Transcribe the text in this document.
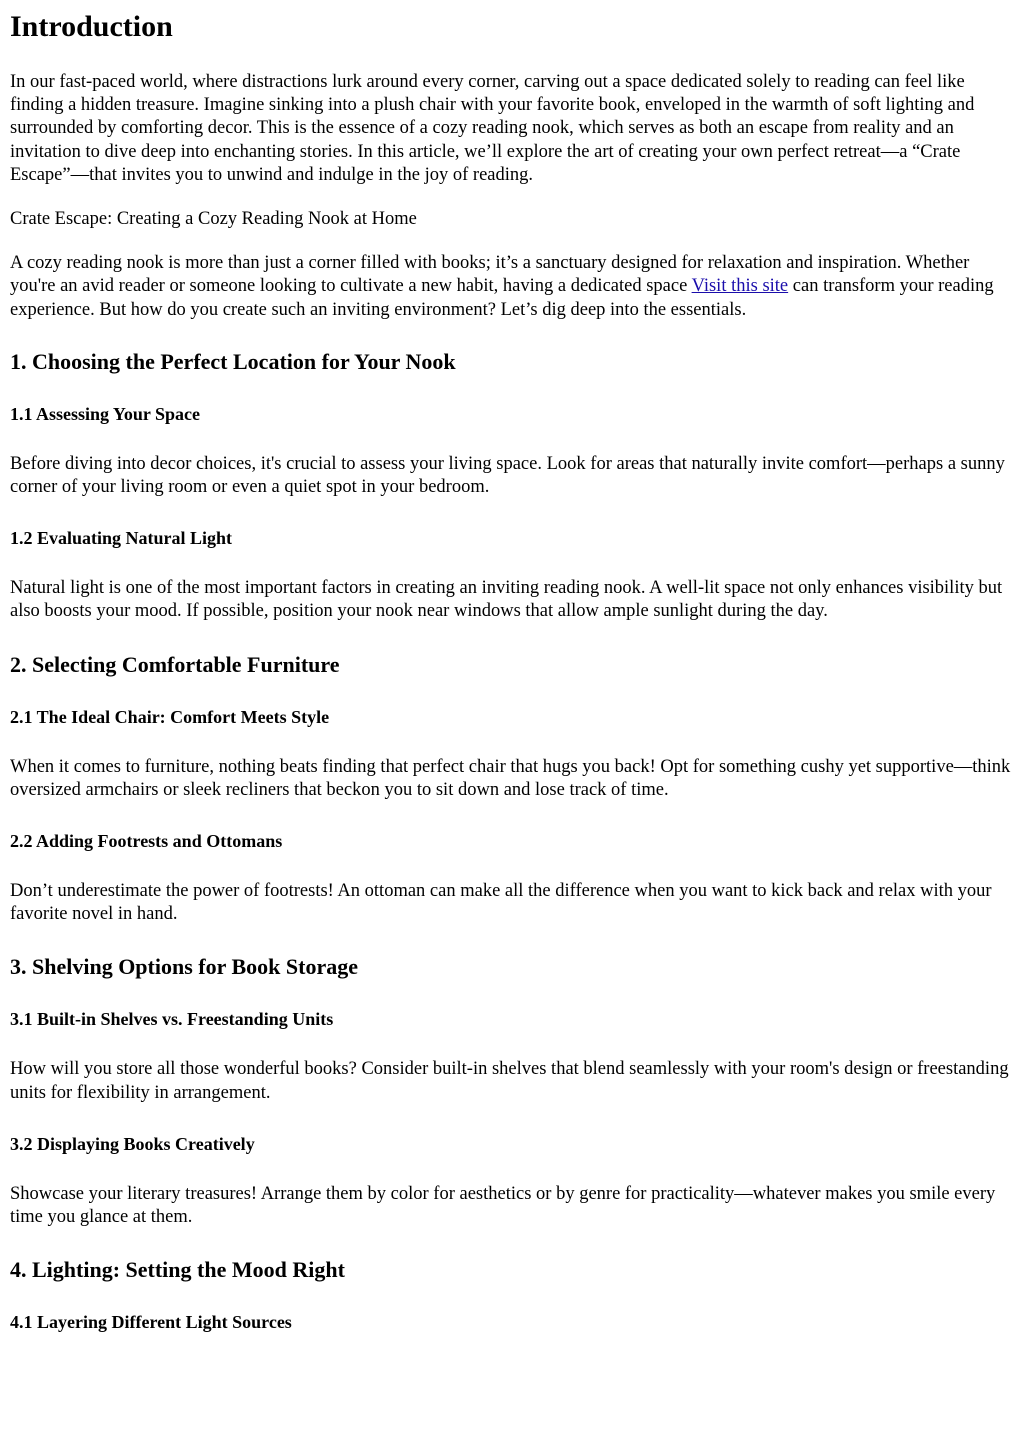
Introduction

In our fast-paced world, where distractions lurk around every corner, carving out a space dedicated solely to reading can feel like finding a hidden treasure. Imagine sinking into a plush chair with your favorite book, enveloped in the warmth of soft lighting and surrounded by comforting decor. This is the essence of a cozy reading nook, which serves as both an escape from reality and an invitation to dive deep into enchanting stories. In this article, we’ll explore the art of creating your own perfect retreat—a “Crate Escape”—that invites you to unwind and indulge in the joy of reading.

Crate Escape: Creating a Cozy Reading Nook at Home

A cozy reading nook is more than just a corner filled with books; it’s a sanctuary designed for relaxation and inspiration. Whether you're an avid reader or someone looking to cultivate a new habit, having a dedicated space Visit this site can transform your reading experience. But how do you create such an inviting environment? Let’s dig deep into the essentials.

1. Choosing the Perfect Location for Your Nook
1.1 Assessing Your Space

Before diving into decor choices, it's crucial to assess your living space. Look for areas that naturally invite comfort—perhaps a sunny corner of your living room or even a quiet spot in your bedroom.

1.2 Evaluating Natural Light

Natural light is one of the most important factors in creating an inviting reading nook. A well-lit space not only enhances visibility but also boosts your mood. If possible, position your nook near windows that allow ample sunlight during the day.

2. Selecting Comfortable Furniture
2.1 The Ideal Chair: Comfort Meets Style

When it comes to furniture, nothing beats finding that perfect chair that hugs you back! Opt for something cushy yet supportive—think oversized armchairs or sleek recliners that beckon you to sit down and lose track of time.

2.2 Adding Footrests and Ottomans

Don’t underestimate the power of footrests! An ottoman can make all the difference when you want to kick back and relax with your favorite novel in hand.

3. Shelving Options for Book Storage
3.1 Built-in Shelves vs. Freestanding Units

How will you store all those wonderful books? Consider built-in shelves that blend seamlessly with your room's design or freestanding units for flexibility in arrangement.

3.2 Displaying Books Creatively

Showcase your literary treasures! Arrange them by color for aesthetics or by genre for practicality—whatever makes you smile every time you glance at them.

4. Lighting: Setting the Mood Right
4.1 Layering Different Light Sources
